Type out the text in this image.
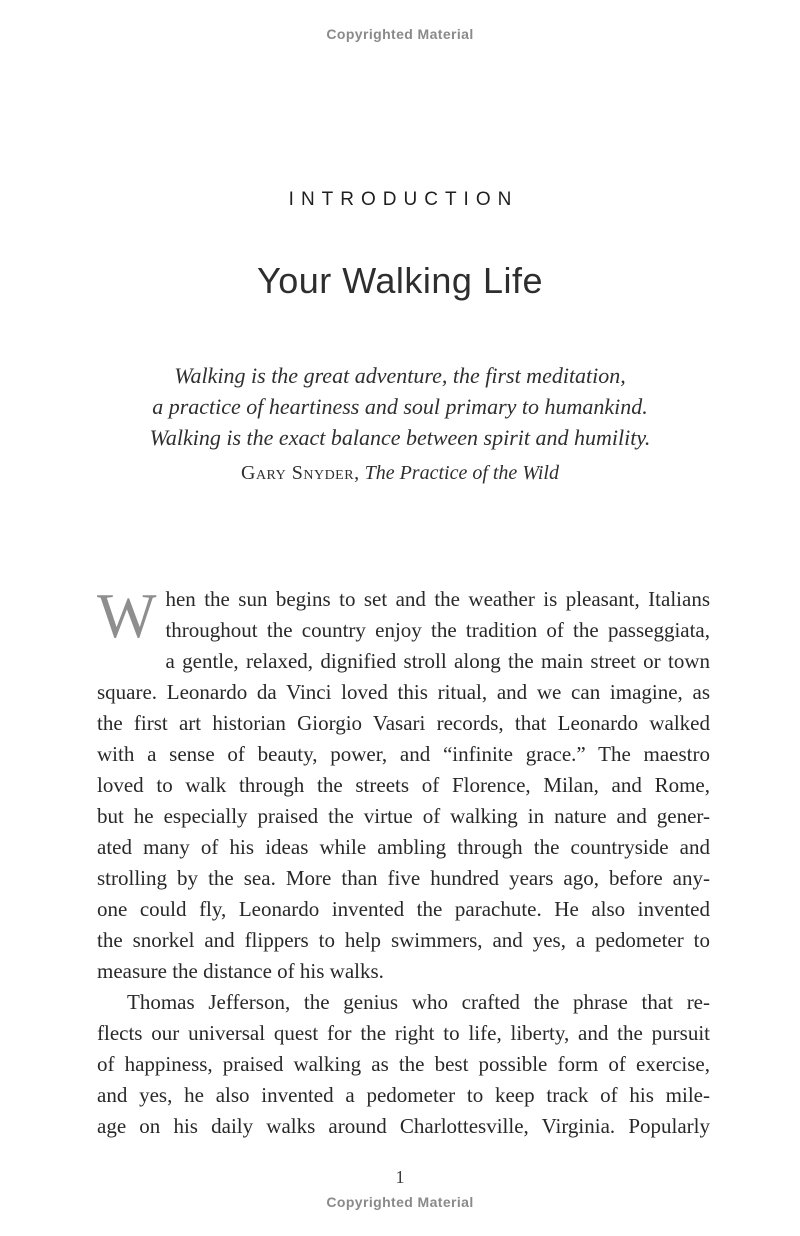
Copyrighted Material
INTRODUCTION
Your Walking Life
Walking is the great adventure, the first meditation,
a practice of heartiness and soul primary to humankind.
Walking is the exact balance between spirit and humility.
Gary Snyder, The Practice of the Wild
W hen the sun begins to set and the weather is pleasant, Italians
throughout the country enjoy the tradition of the passeggiata,
a gentle, relaxed, dignified stroll along the main street or town
square. Leonardo da Vinci loved this ritual, and we can imagine, as
the first art historian Giorgio Vasari records, that Leonardo walked
with a sense of beauty, power, and “infinite grace.” The maestro
loved to walk through the streets of Florence, Milan, and Rome,
but he especially praised the virtue of walking in nature and gener-
ated many of his ideas while ambling through the countryside and
strolling by the sea. More than five hundred years ago, before any-
one could fly, Leonardo invented the parachute. He also invented
the snorkel and flippers to help swimmers, and yes, a pedometer to
measure the distance of his walks.
Thomas Jefferson, the genius who crafted the phrase that re-
flects our universal quest for the right to life, liberty, and the pursuit
of happiness, praised walking as the best possible form of exercise,
and yes, he also invented a pedometer to keep track of his mile-
age on his daily walks around Charlottesville, Virginia. Popularly
1
Copyrighted Material
